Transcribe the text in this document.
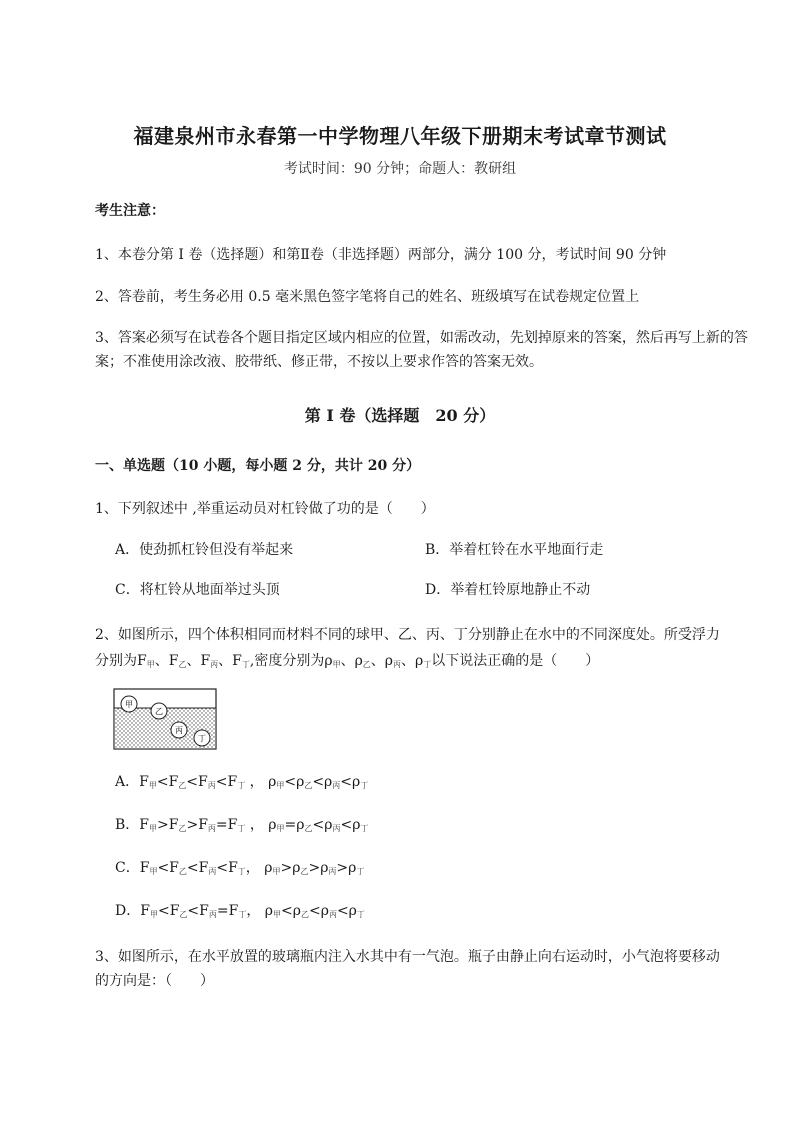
福建泉州市永春第一中学物理八年级下册期末考试章节测试
考试时间：90 分钟；命题人：教研组
考生注意：
1、本卷分第 I 卷（选择题）和第Ⅱ卷（非选择题）两部分，满分 100 分，考试时间 90 分钟
2、答卷前，考生务必用 0.5 毫米黑色签字笔将自己的姓名、班级填写在试卷规定位置上
3、答案必须写在试卷各个题目指定区域内相应的位置，如需改动，先划掉原来的答案，然后再写上新的答案；不准使用涂改液、胶带纸、修正带，不按以上要求作答的答案无效。
第 I 卷（选择题　20 分）
一、单选题（10 小题，每小题 2 分，共计 20 分）
1、下列叙述中 ,举重运动员对杠铃做了功的是（　　）
A．使劲抓杠铃但没有举起来	B．举着杠铃在水平地面行走
C．将杠铃从地面举过头顶	D．举着杠铃原地静止不动
2、如图所示，四个体积相同而材料不同的球甲、乙、丙、丁分别静止在水中的不同深度处。所受浮力
分别为$F_甲$、$F_乙$、$F_丙$、$F_丁$,密度分别为$\rho_甲$、$\rho_乙$、$\rho_丙$、$\rho_丁$以下说法正确的是（　　）
甲
乙
丙
丁
A．$F_甲<F_乙<F_丙<F_丁$ ， $\rho_甲<\rho_乙<\rho_丙<\rho_丁$
B．$F_甲>F_乙>F_丙=F_丁$ ， $\rho_甲=\rho_乙<\rho_丙<\rho_丁$
C．$F_甲<F_乙<F_丙<F_丁$， $\rho_甲>\rho_乙>\rho_丙>\rho_丁$
D．$F_甲<F_乙<F_丙=F_丁$， $\rho_甲<\rho_乙<\rho_丙<\rho_丁$
3、如图所示，在水平放置的玻璃瓶内注入水其中有一气泡。瓶子由静止向右运动时，小气泡将要移动
的方向是：（　　）
